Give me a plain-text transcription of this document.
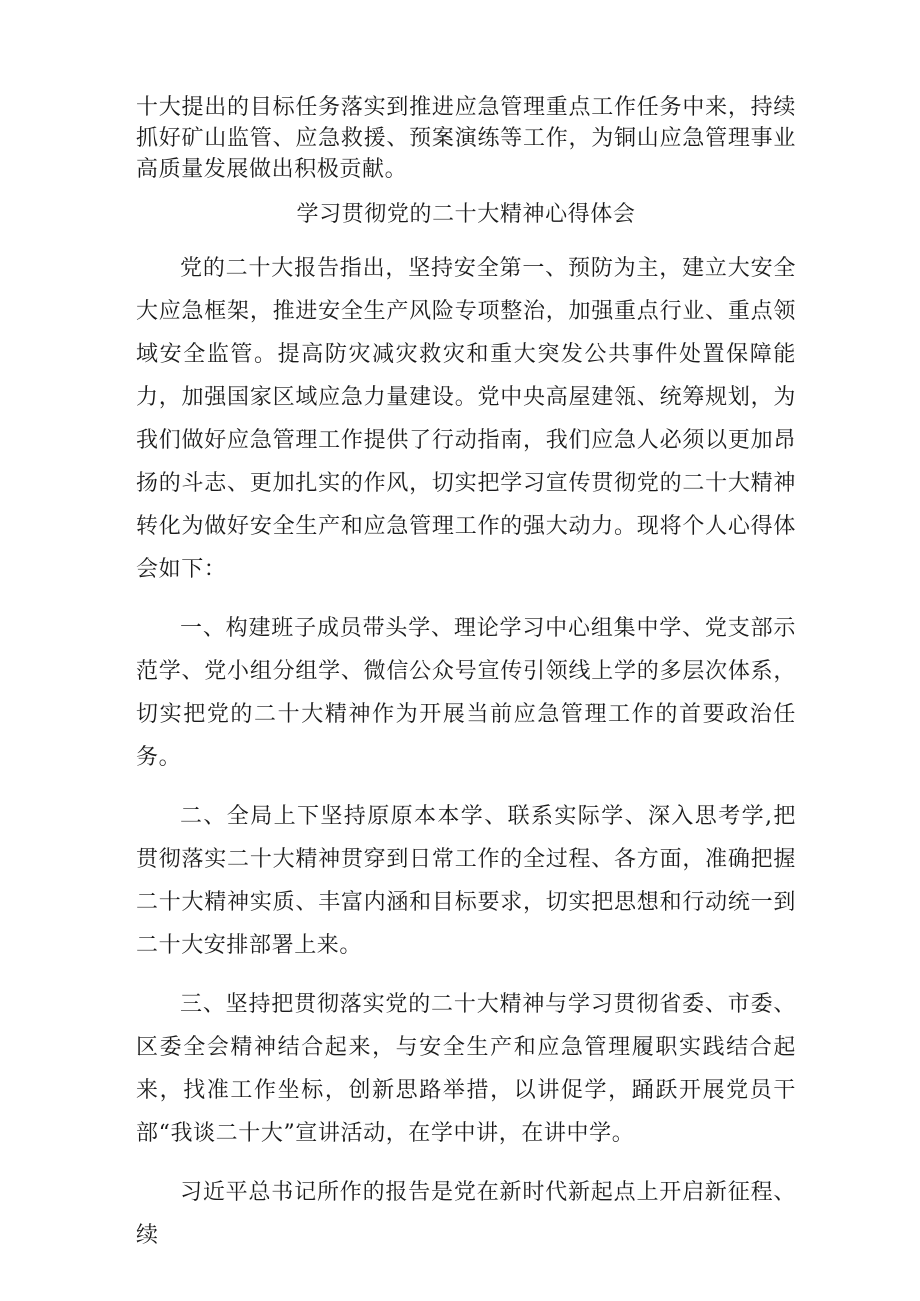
十大提出的目标任务落实到推进应急管理重点工作任务中来，持续抓好矿山监管、应急救援、预案演练等工作，为铜山应急管理事业高质量发展做出积极贡献。

学习贯彻党的二十大精神心得体会

党的二十大报告指出，坚持安全第一、预防为主，建立大安全大应急框架，推进安全生产风险专项整治，加强重点行业、重点领域安全监管。提高防灾减灾救灾和重大突发公共事件处置保障能力，加强国家区域应急力量建设。党中央高屋建瓴、统筹规划，为我们做好应急管理工作提供了行动指南，我们应急人必须以更加昂扬的斗志、更加扎实的作风，切实把学习宣传贯彻党的二十大精神转化为做好安全生产和应急管理工作的强大动力。现将个人心得体会如下：

一、构建班子成员带头学、理论学习中心组集中学、党支部示范学、党小组分组学、微信公众号宣传引领线上学的多层次体系，切实把党的二十大精神作为开展当前应急管理工作的首要政治任务。

二、全局上下坚持原原本本学、联系实际学、深入思考学,把贯彻落实二十大精神贯穿到日常工作的全过程、各方面，准确把握二十大精神实质、丰富内涵和目标要求，切实把思想和行动统一到二十大安排部署上来。

三、坚持把贯彻落实党的二十大精神与学习贯彻省委、市委、区委全会精神结合起来，与安全生产和应急管理履职实践结合起来，找准工作坐标，创新思路举措，以讲促学，踊跃开展党员干部“我谈二十大”宣讲活动，在学中讲，在讲中学。

习近平总书记所作的报告是党在新时代新起点上开启新征程、续
